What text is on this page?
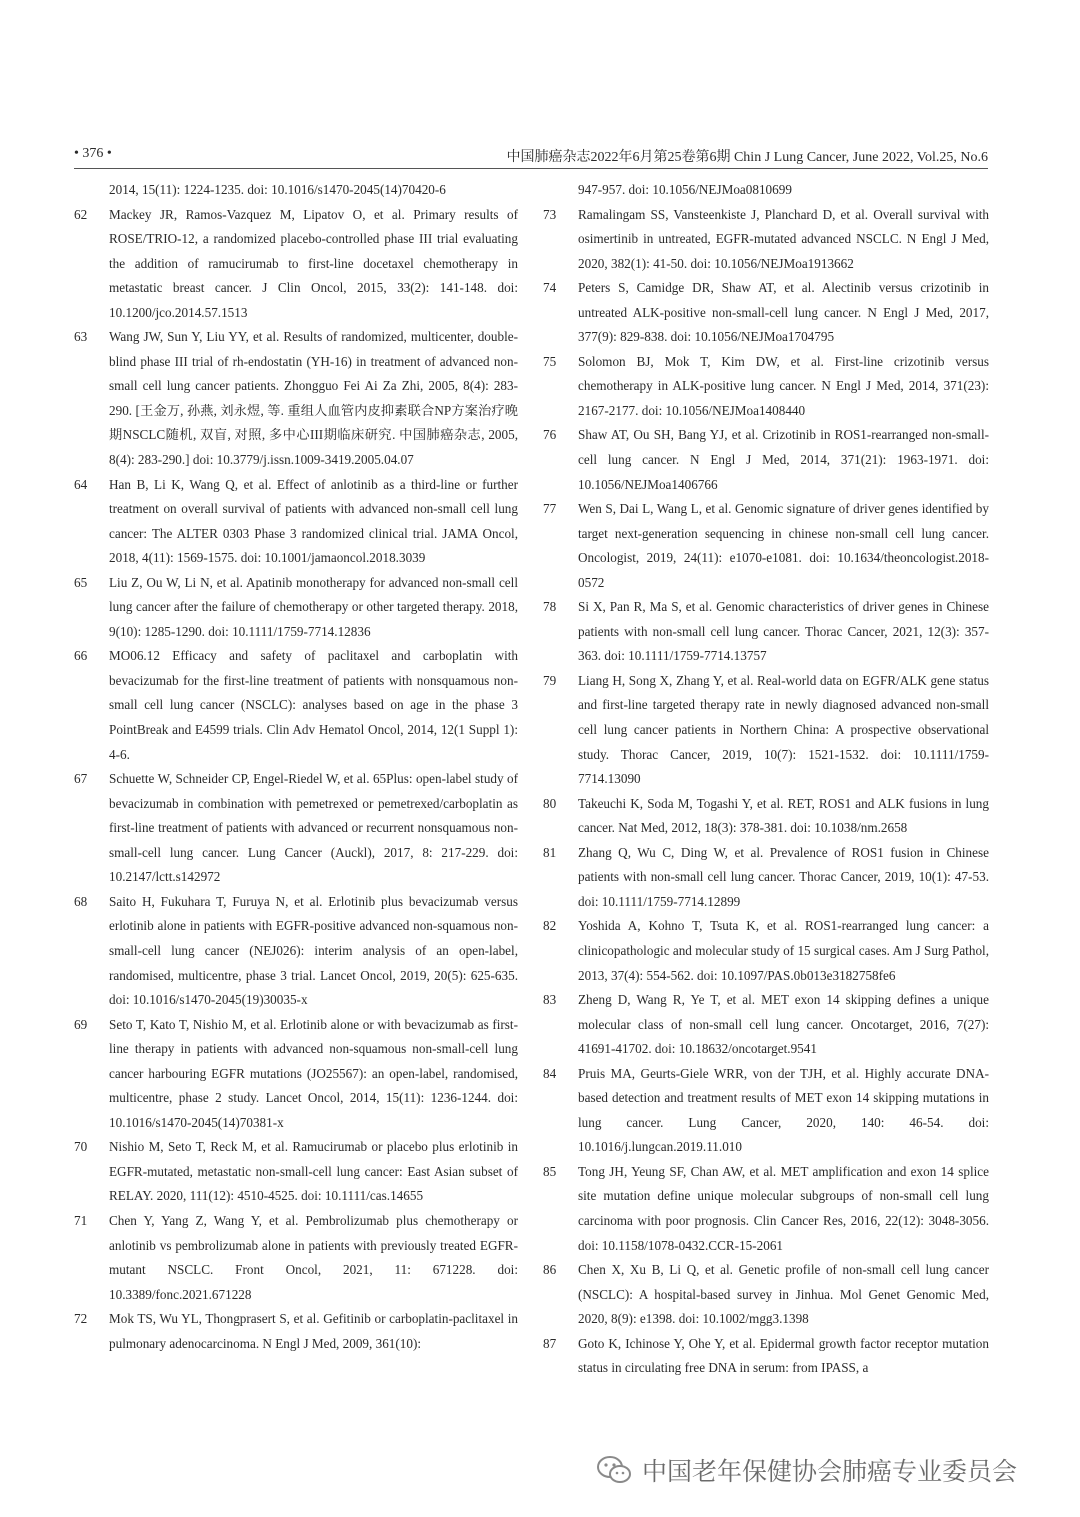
• 376 •	中国肺癌杂志2022年6月第25卷第6期 Chin J Lung Cancer, June 2022, Vol.25, No.6
2014, 15(11): 1224-1235. doi: 10.1016/s1470-2045(14)70420-6
62	Mackey JR, Ramos-Vazquez M, Lipatov O, et al. Primary results of ROSE/TRIO-12, a randomized placebo-controlled phase III trial evaluating the addition of ramucirumab to first-line docetaxel chemotherapy in metastatic breast cancer. J Clin Oncol, 2015, 33(2): 141-148. doi: 10.1200/jco.2014.57.1513
63	Wang JW, Sun Y, Liu YY, et al. Results of randomized, multicenter, double-blind phase III trial of rh-endostatin (YH-16) in treatment of advanced non-small cell lung cancer patients. Zhongguo Fei Ai Za Zhi, 2005, 8(4): 283-290. [王金万, 孙燕, 刘永煜, 等. 重组人血管内皮抑素联合NP方案治疗晚期NSCLC随机, 双盲, 对照, 多中心III期临床研究. 中国肺癌杂志, 2005, 8(4): 283-290.] doi: 10.3779/j.issn.1009-3419.2005.04.07
64	Han B, Li K, Wang Q, et al. Effect of anlotinib as a third-line or further treatment on overall survival of patients with advanced non-small cell lung cancer: The ALTER 0303 Phase 3 randomized clinical trial. JAMA Oncol, 2018, 4(11): 1569-1575. doi: 10.1001/jamaoncol.2018.3039
65	Liu Z, Ou W, Li N, et al. Apatinib monotherapy for advanced non-small cell lung cancer after the failure of chemotherapy or other targeted therapy. 2018, 9(10): 1285-1290. doi: 10.1111/1759-7714.12836
66	MO06.12 Efficacy and safety of paclitaxel and carboplatin with bevacizumab for the first-line treatment of patients with nonsquamous non-small cell lung cancer (NSCLC): analyses based on age in the phase 3 PointBreak and E4599 trials. Clin Adv Hematol Oncol, 2014, 12(1 Suppl 1): 4-6.
67	Schuette W, Schneider CP, Engel-Riedel W, et al. 65Plus: open-label study of bevacizumab in combination with pemetrexed or pemetrexed/carboplatin as first-line treatment of patients with advanced or recurrent nonsquamous non-small-cell lung cancer. Lung Cancer (Auckl), 2017, 8: 217-229. doi: 10.2147/lctt.s142972
68	Saito H, Fukuhara T, Furuya N, et al. Erlotinib plus bevacizumab versus erlotinib alone in patients with EGFR-positive advanced non-squamous non-small-cell lung cancer (NEJ026): interim analysis of an open-label, randomised, multicentre, phase 3 trial. Lancet Oncol, 2019, 20(5): 625-635. doi: 10.1016/s1470-2045(19)30035-x
69	Seto T, Kato T, Nishio M, et al. Erlotinib alone or with bevacizumab as first-line therapy in patients with advanced non-squamous non-small-cell lung cancer harbouring EGFR mutations (JO25567): an open-label, randomised, multicentre, phase 2 study. Lancet Oncol, 2014, 15(11): 1236-1244. doi: 10.1016/s1470-2045(14)70381-x
70	Nishio M, Seto T, Reck M, et al. Ramucirumab or placebo plus erlotinib in EGFR-mutated, metastatic non-small-cell lung cancer: East Asian subset of RELAY. 2020, 111(12): 4510-4525. doi: 10.1111/cas.14655
71	Chen Y, Yang Z, Wang Y, et al. Pembrolizumab plus chemotherapy or anlotinib vs pembrolizumab alone in patients with previously treated EGFR-mutant NSCLC. Front Oncol, 2021, 11: 671228. doi: 10.3389/fonc.2021.671228
72	Mok TS, Wu YL, Thongprasert S, et al. Gefitinib or carboplatin-paclitaxel in pulmonary adenocarcinoma. N Engl J Med, 2009, 361(10):
947-957. doi: 10.1056/NEJMoa0810699
73	Ramalingam SS, Vansteenkiste J, Planchard D, et al. Overall survival with osimertinib in untreated, EGFR-mutated advanced NSCLC. N Engl J Med, 2020, 382(1): 41-50. doi: 10.1056/NEJMoa1913662
74	Peters S, Camidge DR, Shaw AT, et al. Alectinib versus crizotinib in untreated ALK-positive non-small-cell lung cancer. N Engl J Med, 2017, 377(9): 829-838. doi: 10.1056/NEJMoa1704795
75	Solomon BJ, Mok T, Kim DW, et al. First-line crizotinib versus chemotherapy in ALK-positive lung cancer. N Engl J Med, 2014, 371(23): 2167-2177. doi: 10.1056/NEJMoa1408440
76	Shaw AT, Ou SH, Bang YJ, et al. Crizotinib in ROS1-rearranged non-small-cell lung cancer. N Engl J Med, 2014, 371(21): 1963-1971. doi: 10.1056/NEJMoa1406766
77	Wen S, Dai L, Wang L, et al. Genomic signature of driver genes identified by target next-generation sequencing in chinese non-small cell lung cancer. Oncologist, 2019, 24(11): e1070-e1081. doi: 10.1634/theoncologist.2018-0572
78	Si X, Pan R, Ma S, et al. Genomic characteristics of driver genes in Chinese patients with non-small cell lung cancer. Thorac Cancer, 2021, 12(3): 357-363. doi: 10.1111/1759-7714.13757
79	Liang H, Song X, Zhang Y, et al. Real-world data on EGFR/ALK gene status and first-line targeted therapy rate in newly diagnosed advanced non-small cell lung cancer patients in Northern China: A prospective observational study. Thorac Cancer, 2019, 10(7): 1521-1532. doi: 10.1111/1759-7714.13090
80	Takeuchi K, Soda M, Togashi Y, et al. RET, ROS1 and ALK fusions in lung cancer. Nat Med, 2012, 18(3): 378-381. doi: 10.1038/nm.2658
81	Zhang Q, Wu C, Ding W, et al. Prevalence of ROS1 fusion in Chinese patients with non-small cell lung cancer. Thorac Cancer, 2019, 10(1): 47-53. doi: 10.1111/1759-7714.12899
82	Yoshida A, Kohno T, Tsuta K, et al. ROS1-rearranged lung cancer: a clinicopathologic and molecular study of 15 surgical cases. Am J Surg Pathol, 2013, 37(4): 554-562. doi: 10.1097/PAS.0b013e3182758fe6
83	Zheng D, Wang R, Ye T, et al. MET exon 14 skipping defines a unique molecular class of non-small cell lung cancer. Oncotarget, 2016, 7(27): 41691-41702. doi: 10.18632/oncotarget.9541
84	Pruis MA, Geurts-Giele WRR, von der TJH, et al. Highly accurate DNA-based detection and treatment results of MET exon 14 skipping mutations in lung cancer. Lung Cancer, 2020, 140: 46-54. doi: 10.1016/j.lungcan.2019.11.010
85	Tong JH, Yeung SF, Chan AW, et al. MET amplification and exon 14 splice site mutation define unique molecular subgroups of non-small cell lung carcinoma with poor prognosis. Clin Cancer Res, 2016, 22(12): 3048-3056. doi: 10.1158/1078-0432.CCR-15-2061
86	Chen X, Xu B, Li Q, et al. Genetic profile of non-small cell lung cancer (NSCLC): A hospital-based survey in Jinhua. Mol Genet Genomic Med, 2020, 8(9): e1398. doi: 10.1002/mgg3.1398
87	Goto K, Ichinose Y, Ohe Y, et al. Epidermal growth factor receptor mutation status in circulating free DNA in serum: from IPASS, a
中国老年保健协会肺癌专业委员会
